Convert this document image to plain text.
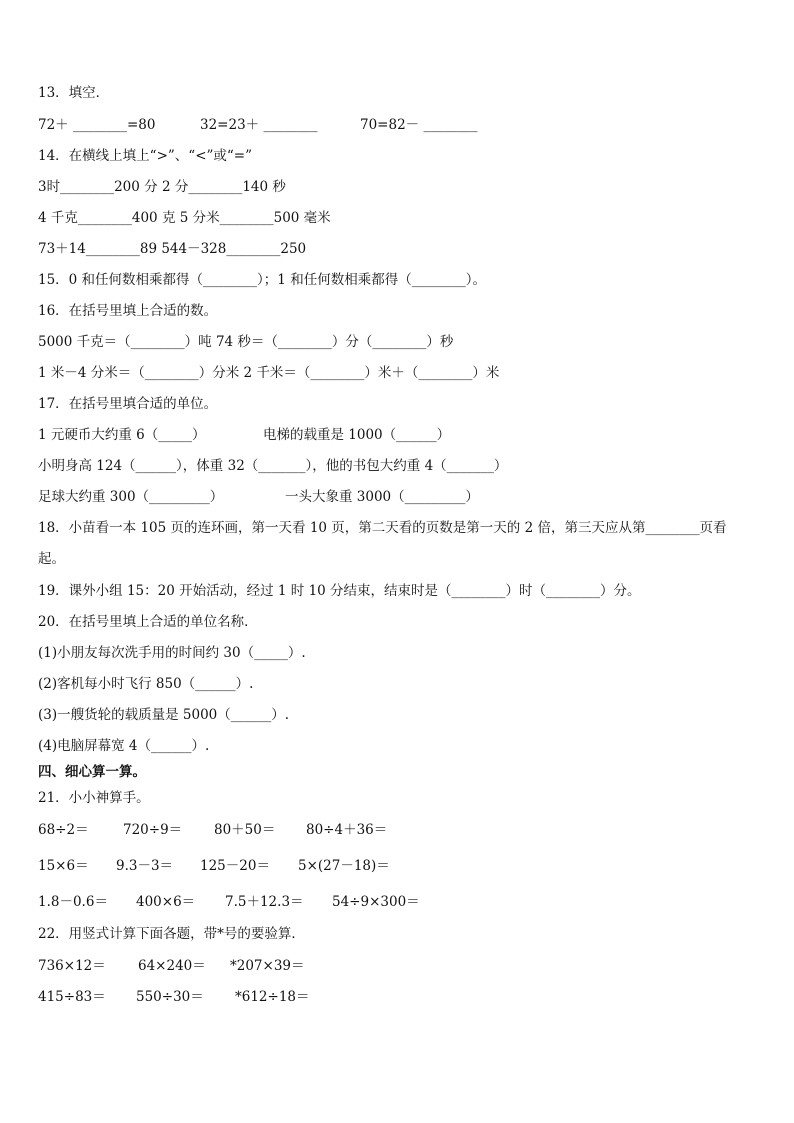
13．填空．
72＋ ________=80	32=23＋ ________	70=82－ ________
14．在横线上填上“>”、“<”或“=”
3时________200 分 2 分________140 秒
4 千克________400 克 5 分米________500 毫米
73＋14________89 544－328________250
15．0 和任何数相乘都得（________）；1 和任何数相乘都得（________）。
16．在括号里填上合适的数。
5000 千克＝（________）吨 74 秒＝（________）分（________）秒
1 米－4 分米＝（________）分米 2 千米＝（________）米＋（________）米
17．在括号里填合适的单位。
1 元硬币大约重 6（_____）	电梯的载重是 1000（______）
小明身高 124（______），体重 32（_______），他的书包大约重 4（_______）
足球大约重 300（_________）	一头大象重 3000（_________）
18．小苗看一本 105 页的连环画，第一天看 10 页，第二天看的页数是第一天的 2 倍，第三天应从第________页看
起。
19．课外小组 15：20 开始活动，经过 1 时 10 分结束，结束时是（________）时（________）分。
20．在括号里填上合适的单位名称．
(1)小朋友每次洗手用的时间约 30（_____）.
(2)客机每小时飞行 850（______）.
(3)一艘货轮的载质量是 5000（______）.
(4)电脑屏幕宽 4（______）.
四、细心算一算。
21．小小神算手。
68÷2＝	720÷9＝ 80＋50＝ 80÷4＋36＝
15×6＝ 9.3－3＝ 125－20＝ 5×(27－18)＝
1.8－0.6＝ 400×6＝ 7.5＋12.3＝ 54÷9×300＝
22．用竖式计算下面各题，带*号的要验算．
736×12＝ 64×240＝ *207×39＝
415÷83＝ 550÷30＝ *612÷18＝
